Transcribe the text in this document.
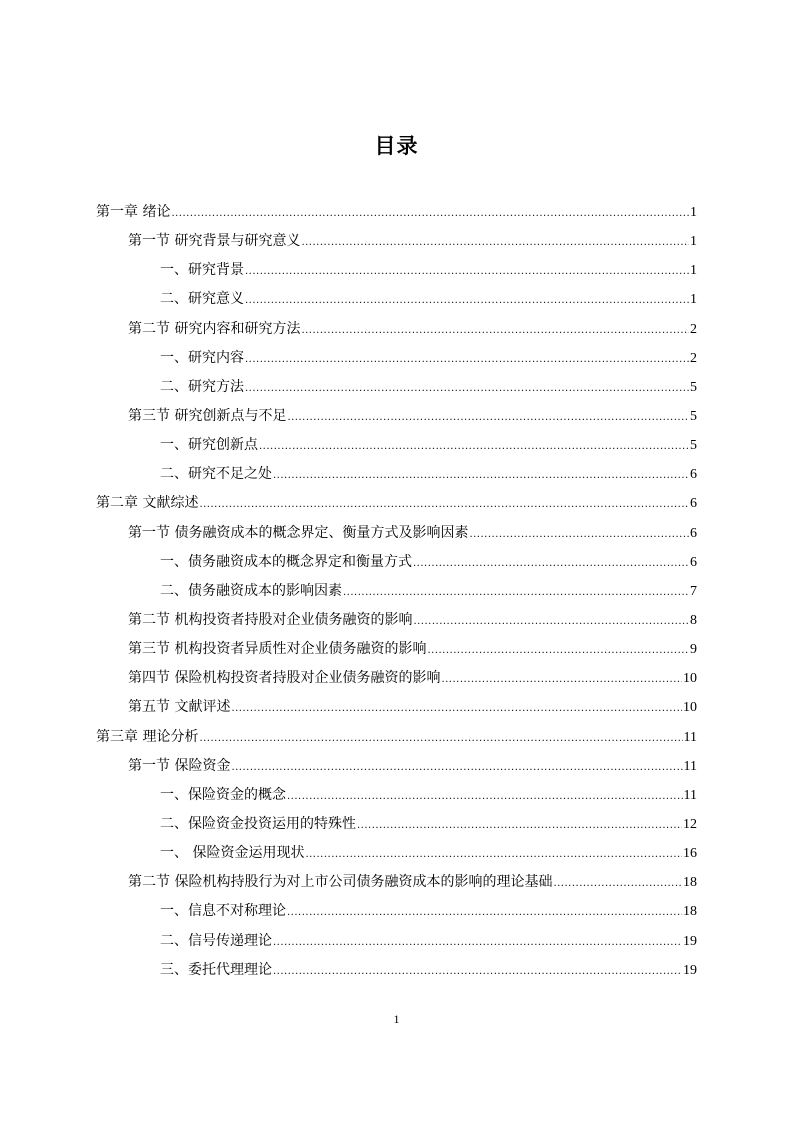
目录
第一章 绪论 .....	1
第一节 研究背景与研究意义 .....	1
一、研究背景 .....	1
二、研究意义 .....	1
第二节 研究内容和研究方法 .....	2
一、研究内容 .....	2
二、研究方法 .....	5
第三节 研究创新点与不足 .....	5
一、研究创新点 .....	5
二、研究不足之处 .....	6
第二章 文献综述 .....	6
第一节 债务融资成本的概念界定、衡量方式及影响因素 .....	6
一、债务融资成本的概念界定和衡量方式 .....	6
二、债务融资成本的影响因素 .....	7
第二节 机构投资者持股对企业债务融资的影响 .....	8
第三节 机构投资者异质性对企业债务融资的影响 .....	9
第四节 保险机构投资者持股对企业债务融资的影响 .....	10
第五节 文献评述 .....	10
第三章 理论分析 .....	11
第一节 保险资金 .....	11
一、保险资金的概念 .....	11
二、保险资金投资运用的特殊性 .....	12
一、 保险资金运用现状 .....	16
第二节 保险机构持股行为对上市公司债务融资成本的影响的理论基础 .....	18
一、信息不对称理论 .....	18
二、信号传递理论 .....	19
三、委托代理理论 .....	19
1
